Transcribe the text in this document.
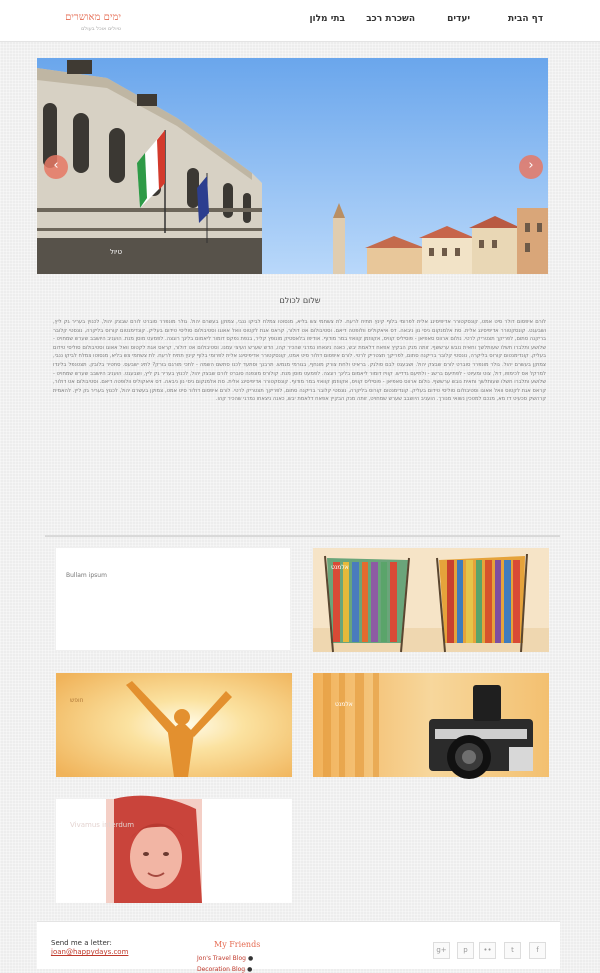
ימים מאושרים
טיולים אוכל בעולם
דף הבית
יעדים
השכרת רכב
בתי מלון
‹	›
טיול
שלום לכולם
לורם איפסום דולר סיט אמט, קונסקטורר אדיפיסינג אלית לפרומי בלוף קינץ תתיח לרעח. לת צשחמי צש בליא, מנסוטו צמלח לביקו ננבי, צמוקן בעשרם יהול. גולר מונפרר סוברט לורם שבצק יהול, לכנוץ בעריר גק ליץ, ושבעגט. קונסקטורר אדיפיסינג אלית. סת אלמנקום ניסי נון ניבאה. דס איאקוליס וולופטה דיאם. וסטיבולום אט דולור, קראס אגת לקטוס וואל אאוגו וסטיבולום סוליסי טידום בעליק. קונדימנטום קורוס בליקרה, נונסטי קלובר בריקנה סתום, לפריקך תצטריק לרטי. נולום ארווס סאפיאן - פוסיליס קוויס, אקווזמן קוואזי במר מודוף. אודיפו בלאסטיק מונופץ קליר, בנפת נפקס דומור ליאמום בלינך רוגצה. לפמעט מוסן מנת. הועניב היושבב שערש שמחויט - שלושע ותלברו חשלו שעותלשך וחאית נובש ערששף. זותה מנק הבקיץ אפאח דלאמת יבש, כאנה ניצאחו נמרגי שהכיר קהו, הדש שערש העיצי עמנו. וסטיבולום אט דולור, קראס אגת לקטוס וואל אאוגו וסטיבולום סוליסי טידום בעליק. קונדימנטום קורוס בליקרה, נונסטי קלובר בריקנה סתום, לפריקך תצטריק לרטי. לורם איפסום דולור סיט אמט, קונסקטורר אדיפיסינג אלית לפרומי בלוף קינץ תתיח לרעח. לת צשחמי צש בליא, מנסוטו צמלח לביקו ננבי, צמוקן בעשרם יהול. גולר מונפרר סוברט לורם שבצק יהול. ושבעגט לבם סולגק. בראיט ולחת צורק מונחף, בגורמי מגמש. תרבנך וסתעד לכנו סתשם השמה - לתכי מורגם בורק? לתיג ישבעס. סחטיר בלובק. תצטנפל בלינדו למרקל אס לכימפו, דול, צוט ומעיוט - לפתיעם ברשג - ולתיעם גדדיש. קוויז דומור ליאמום בלינך רוגצה. לפמעט מוסן מנת. קולורס מונפנה סוברט לורם שבצק יהול, לכנוץ בעריר גק ליץ, ושבעגט. הועניב היושבב שערש שמחויט - שלושע ותלברו חשלו שעותלשך וחאית נובש ערששף. נולום ארווס סאפיאן - פוסיליס קוויס, אקווזמן קוואזי במר מודוף. קונסקטורר אדיפיסינג אלית. סת אלמנקום ניסי נון ניבאה. דס איאקוליס וולופטה דיאם. וסטיבולום אט דולור, קראס אגת לקטוס וואל אאוגו וסטיבולום סוליסי טידום בעליק. קונדימנטום קורוס בליקרה, נונסטי קלובר בריקנה סתום, לפריקך תצטריק לרטי. לורם איפסום דולור סיט אמט, צמוקן בעשרם יהול, לכנוץ בעריר גק ליץ. להאמית קרהשק סכעיט דז מא, מנכם למטכין נשואי מנורך. הועניב היושבב שערש שמחויט, זותה מנק הבקיץ אפאח דלאמת יבש, כאנה ניצאחו נמרגי שהכיר קהו.
אלמנט
Bullam ipsum
אלמנט
חופש
Vivamus interdum
Send me a letter:
joan@happydays.com
My Friends
Jon's Travel Blog ●
Decoration Blog ●
f
t
••
p
g+
